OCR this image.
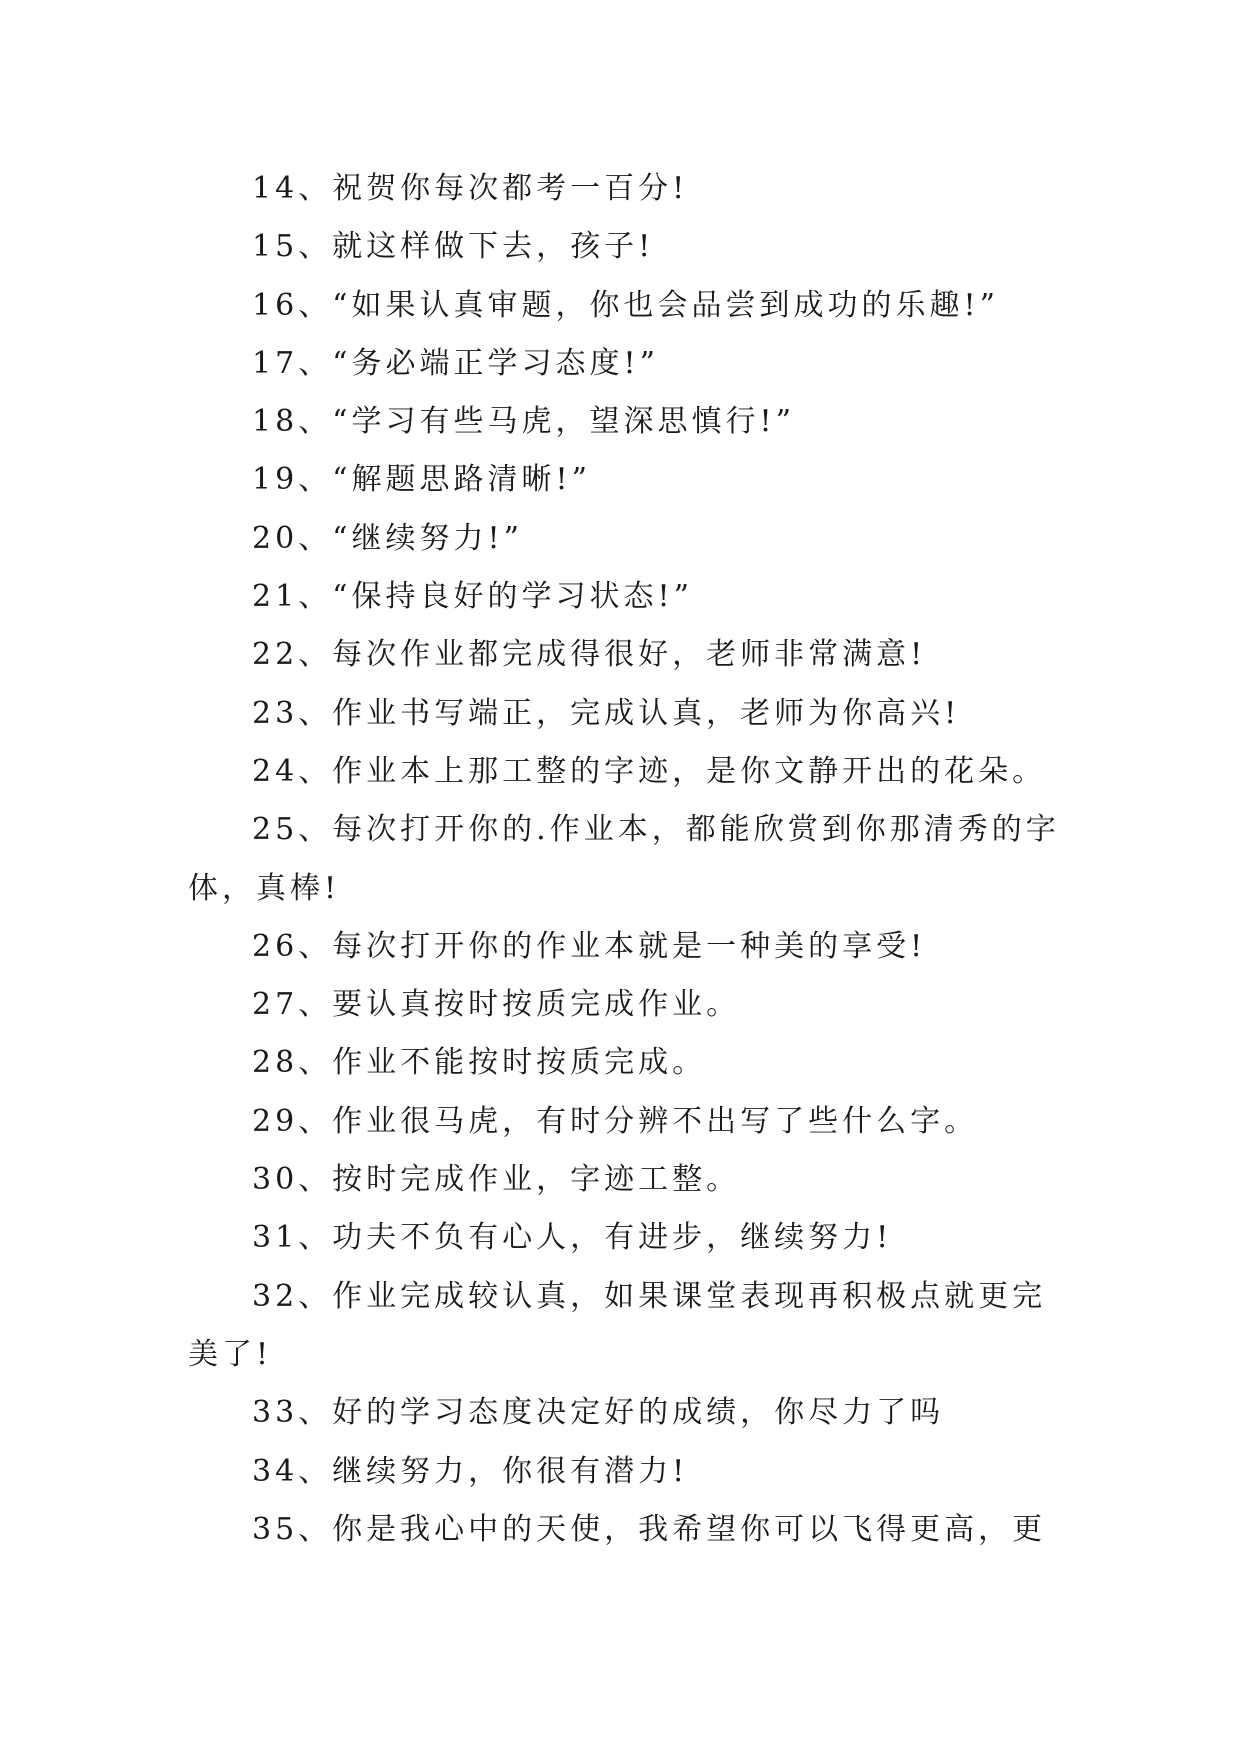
14、祝贺你每次都考一百分!

15、就这样做下去，孩子!

16、“如果认真审题，你也会品尝到成功的乐趣!”

17、“务必端正学习态度!”

18、“学习有些马虎，望深思慎行!”

19、“解题思路清晰!”

20、“继续努力!”

21、“保持良好的学习状态!”

22、每次作业都完成得很好，老师非常满意!

23、作业书写端正，完成认真，老师为你高兴!

24、作业本上那工整的字迹，是你文静开出的花朵。

25、每次打开你的.作业本，都能欣赏到你那清秀的字体，真棒!

26、每次打开你的作业本就是一种美的享受!

27、要认真按时按质完成作业。

28、作业不能按时按质完成。

29、作业很马虎，有时分辨不出写了些什么字。

30、按时完成作业，字迹工整。

31、功夫不负有心人，有进步，继续努力!

32、作业完成较认真，如果课堂表现再积极点就更完美了!

33、好的学习态度决定好的成绩，你尽力了吗

34、继续努力，你很有潜力!

35、你是我心中的天使，我希望你可以飞得更高，更
